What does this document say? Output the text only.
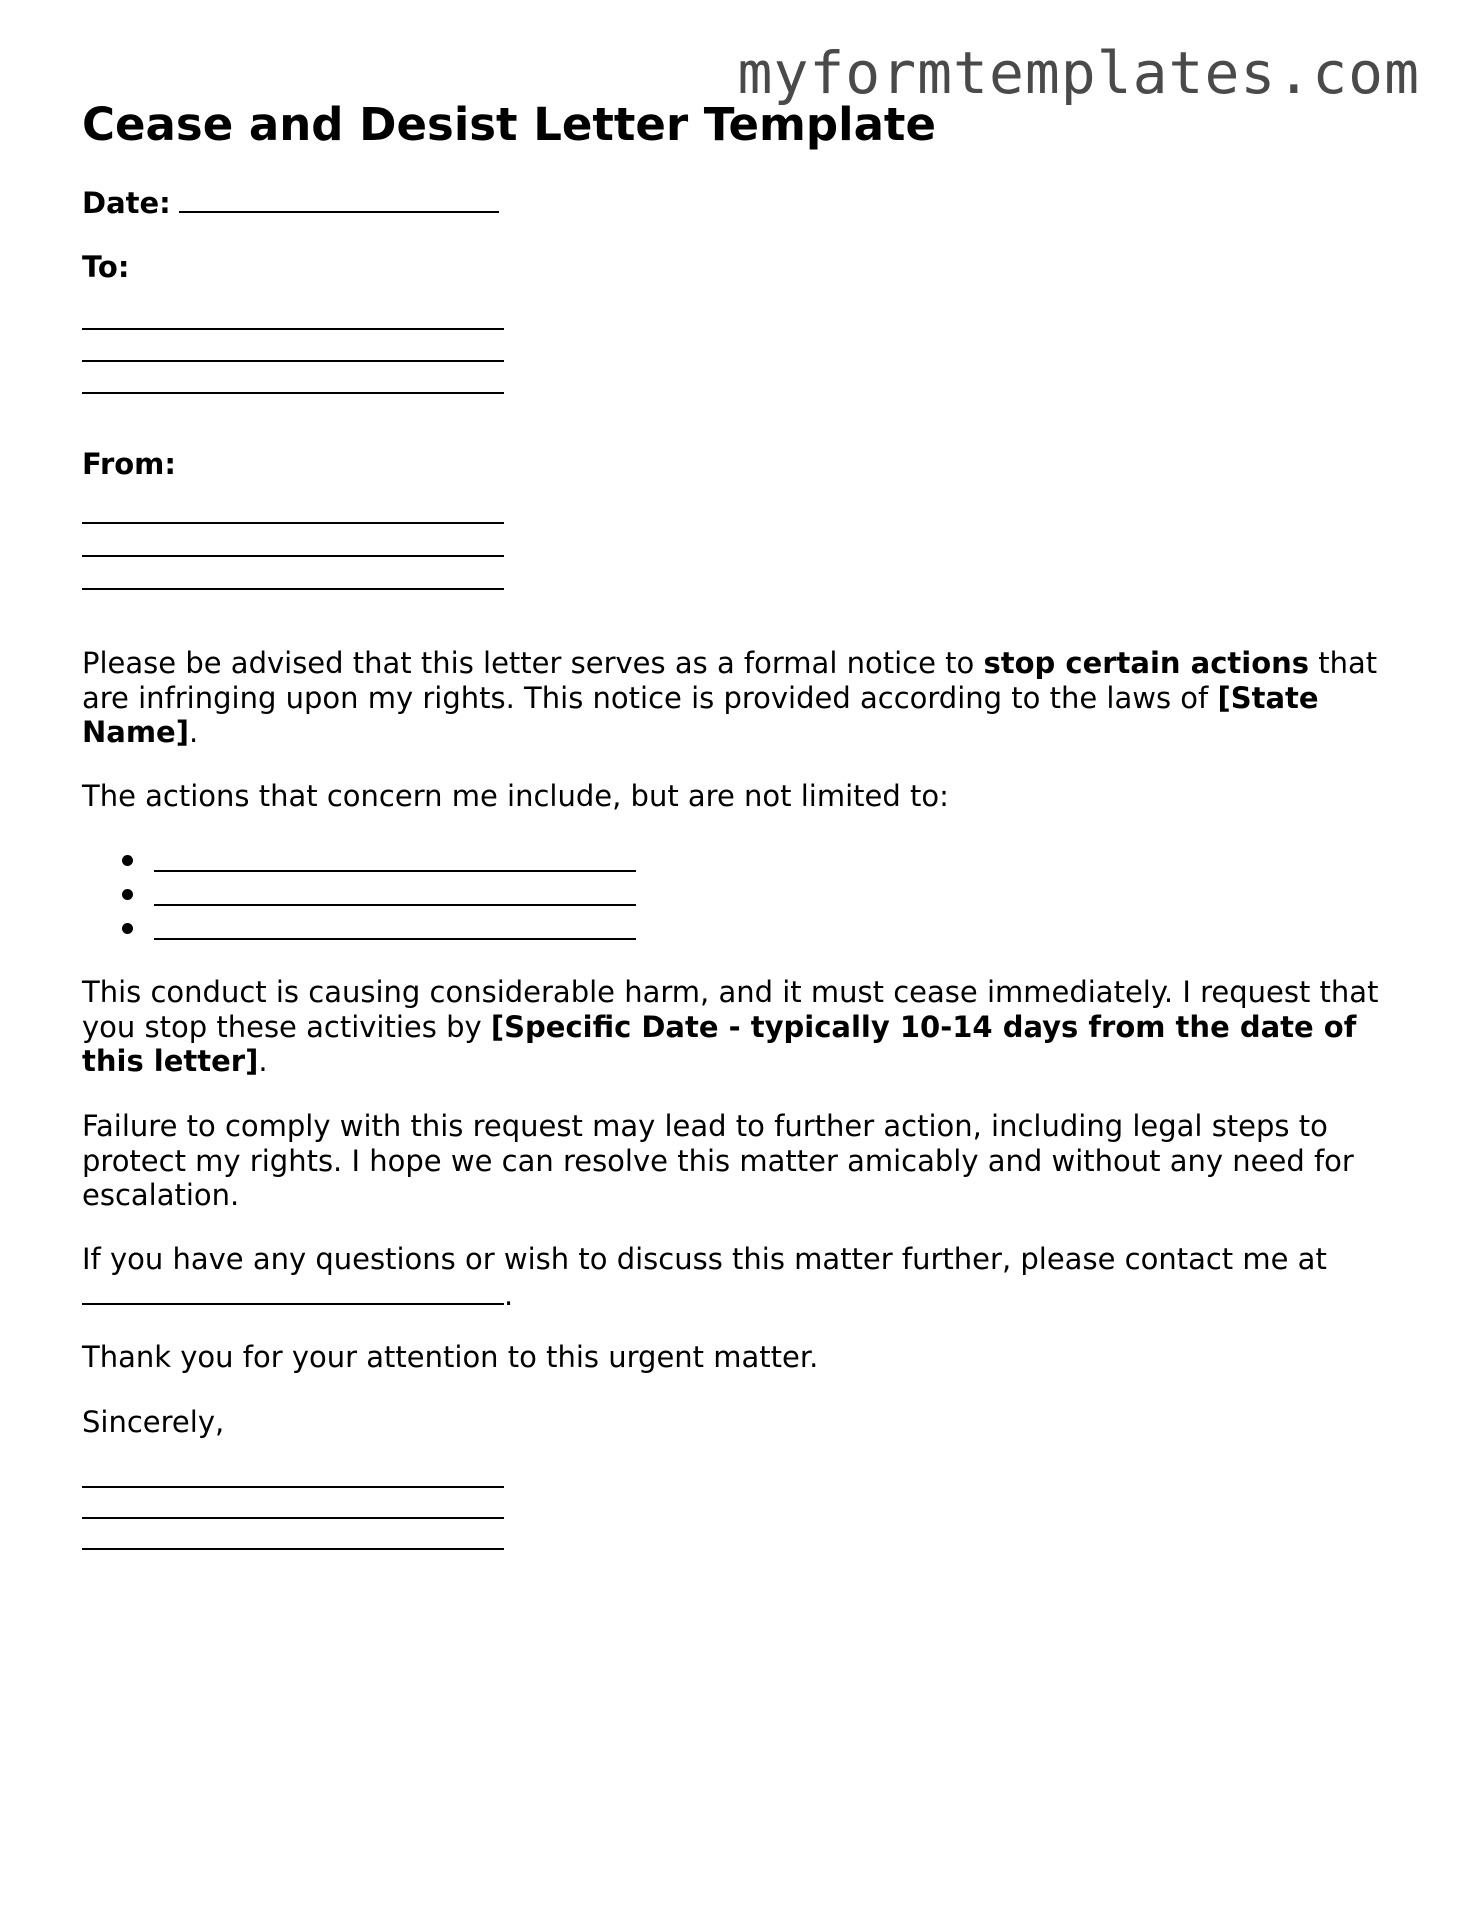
myformtemplates.com

Cease and Desist Letter Template
Date:
To:
From:

Please be advised that this letter serves as a formal notice to stop certain actions that are infringing upon my rights. This notice is provided according to the laws of [State Name].

The actions that concern me include, but are not limited to:

This conduct is causing considerable harm, and it must cease immediately. I request that you stop these activities by [Specific Date - typically 10-14 days from the date of this letter].

Failure to comply with this request may lead to further action, including legal steps to protect my rights. I hope we can resolve this matter amicably and without any need for escalation.

If you have any questions or wish to discuss this matter further, please contact me at
.

Thank you for your attention to this urgent matter.

Sincerely,
